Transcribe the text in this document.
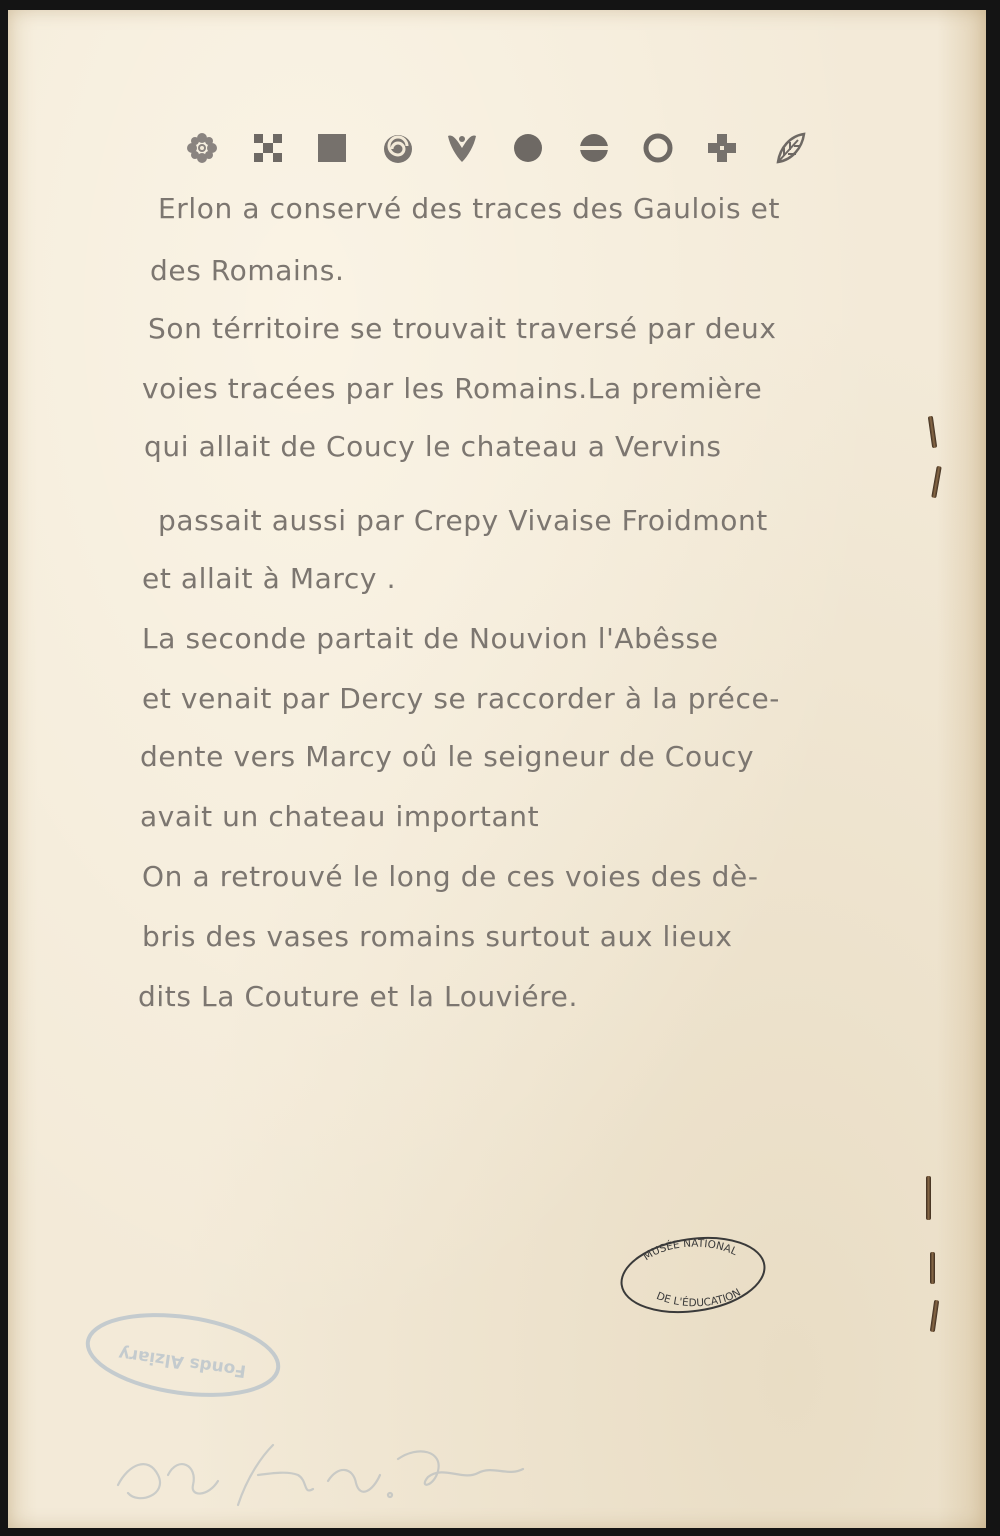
Erlon a conservé des traces des Gaulois et
des Romains.
Son térritoire se trouvait traversé par deux
voies tracées par les Romains.La première
qui allait de Coucy le chateau a Vervins
passait aussi par Crepy Vivaise Froidmont
et allait à Marcy .
La seconde partait de Nouvion l'Abêsse
et venait par Dercy se raccorder à la préce-
dente vers Marcy oû le seigneur de Coucy
avait un chateau important
On a retrouvé le long de ces voies des dè-
bris des vases romains surtout aux lieux
dits La Couture et la Louviére.
MUSÉE NATIONAL
DE L'ÉDUCATION
Fonds Alziary
